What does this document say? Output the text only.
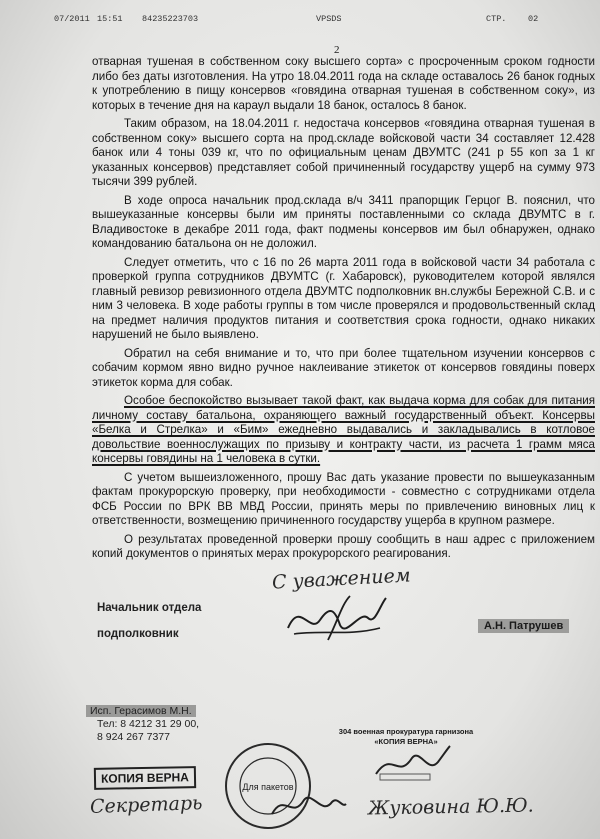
07/2011 15:51 84235223703	VPSDS	СТР.	02
2

отварная тушеная в собственном соку высшего сорта» с просроченным сроком годности либо без даты изготовления. На утро 18.04.2011 года на складе оставалось 26 банок годных к употреблению в пищу консервов «говядина отварная тушеная в собственном соку», из которых в течение дня на караул выдали 18 банок, осталось 8 банок.

Таким образом, на 18.04.2011 г. недостача консервов «говядина отварная тушеная в собственном соку» высшего сорта на прод.складе войсковой части 34 составляет 12.428 банок или 4 тоны 039 кг, что по официальным ценам ДВУМТС (241 р 55 коп за 1 кг указанных консервов) представляет собой причиненный государству ущерб на сумму 973 тысячи 399 рублей.

В ходе опроса начальник прод.склада в/ч 3411 прапорщик Герцог В. пояснил, что вышеуказанные консервы были им приняты поставленными со склада ДВУМТС в г. Владивостоке в декабре 2011 года, факт подмены консервов им был обнаружен, однако командованию батальона он не доложил.

Следует отметить, что с 16 по 26 марта 2011 года в войсковой части 34 работала с проверкой группа сотрудников ДВУМТС (г. Хабаровск), руководителем которой являлся главный ревизор ревизионного отдела ДВУМТС подполковник вн.службы Бережной С.В. и с ним 3 человека. В ходе работы группы в том числе проверялся и продовольственный склад на предмет наличия продуктов питания и соответствия срока годности, однако никаких нарушений не было выявлено.

Обратил на себя внимание и то, что при более тщательном изучении консервов с собачим кормом явно видно ручное наклеивание этикеток от консервов говядины поверх этикеток корма для собак.

Особое беспокойство вызывает такой факт, как выдача корма для собак для питания личному составу батальона, охраняющего важный государственный объект. Консервы «Белка и Стрелка» и «Бим» ежедневно выдавались и закладывались в котловое довольствие военнослужащих по призыву и контракту части, из расчета 1 грамм мяса консервы говядины на 1 человека в сутки.

С учетом вышеизложенного, прошу Вас дать указание провести по вышеуказанным фактам прокурорскую проверку, при необходимости - совместно с сотрудниками отдела ФСБ России по ВРК ВВ МВД России, принять меры по привлечению виновных лиц к ответственности, возмещению причиненного государству ущерба в крупном размере.

О результатах проведенной проверки прошу сообщить в наш адрес с приложением копий документов о принятых мерах прокурорского реагирования.

С уважением
Начальник отдела
подполковник
А.Н. Патрушев
Исп. Герасимов М.Н.
Тел: 8 4212 31 29 00,
8 924 267 7377	304 военная прокуратура гарнизона
«КОПИЯ ВЕРНА»
КОПИЯ ВЕРНА
Для пакетов
Секретарь	Жуковина Ю.Ю.
